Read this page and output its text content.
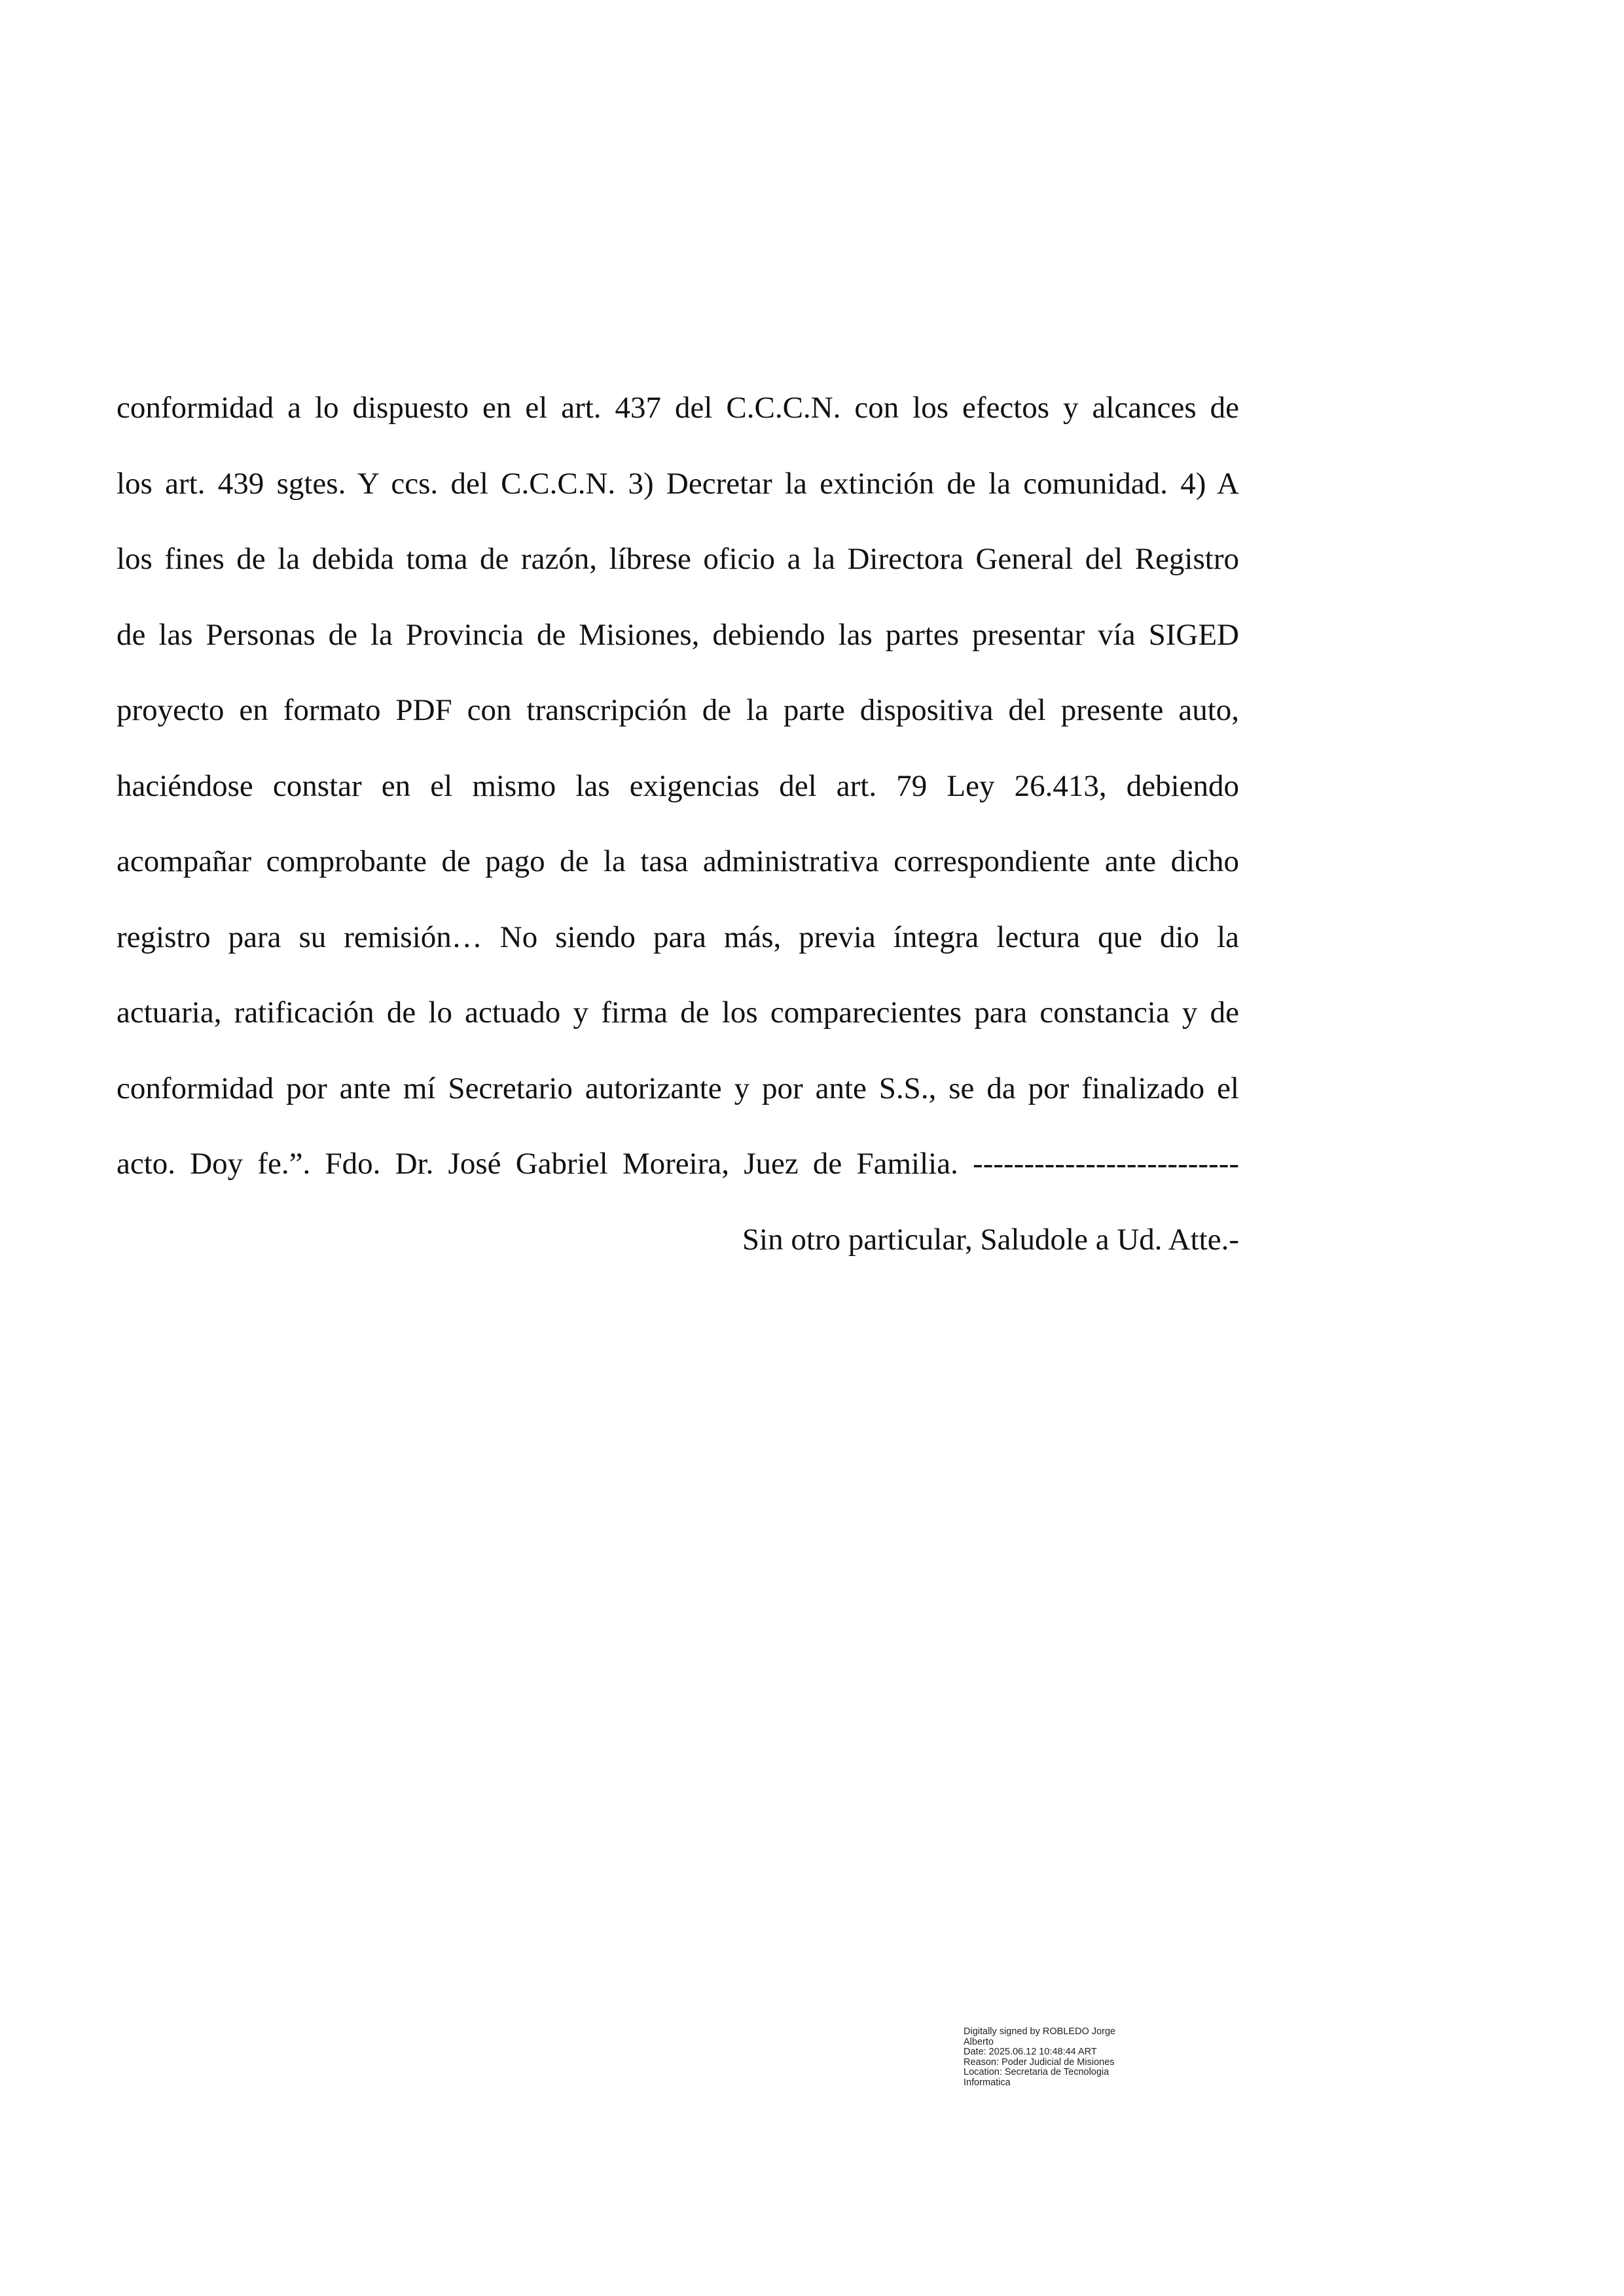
conformidad a lo dispuesto en el art. 437 del C.C.C.N. con los efectos y alcances de
los art. 439 sgtes. Y ccs. del C.C.C.N. 3) Decretar la extinción de la comunidad. 4) A
los fines de la debida toma de razón, líbrese oficio a la Directora General del Registro
de las Personas de la Provincia de Misiones, debiendo las partes presentar vía SIGED
proyecto en formato PDF con transcripción de la parte dispositiva del presente auto,
haciéndose constar en el mismo las exigencias del art. 79 Ley 26.413, debiendo
acompañar comprobante de pago de la tasa administrativa correspondiente ante dicho
registro para su remisión… No siendo para más, previa íntegra lectura que dio la
actuaria, ratificación de lo actuado y firma de los comparecientes para constancia y de
conformidad por ante mí Secretario autorizante y por ante S.S., se da por finalizado el
acto. Doy fe.”. Fdo. Dr. José Gabriel Moreira, Juez de Familia. --------------------------
Sin otro particular, Saludole a Ud. Atte.-
Digitally signed by ROBLEDO Jorge
Alberto
Date: 2025.06.12 10:48:44 ART
Reason: Poder Judicial de Misiones
Location: Secretaria de Tecnologia
Informatica
